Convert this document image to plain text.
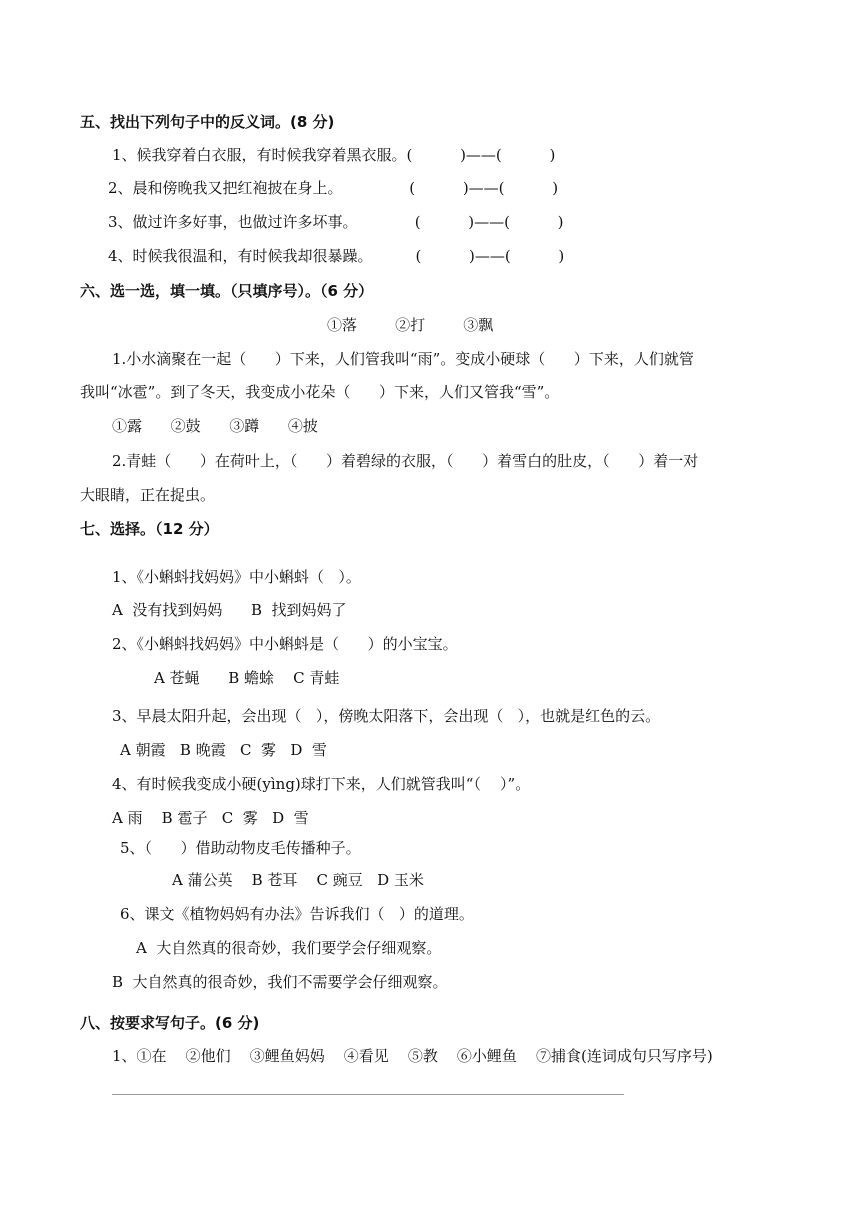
五、找出下列句子中的反义词。(8 分)
1、候我穿着白衣服，有时候我穿着黑衣服。(          )——(          )
2、晨和傍晚我又把红袍披在身上。              (          )——(          )
3、做过许多好事，也做过许多坏事。            (          )——(          )
4、时候我很温和，有时候我却很暴躁。         (          )——(          )
六、选一选，填一填。（只填序号）。（6 分）
①落        ②打        ③飘
1.小水滴聚在一起（      ）下来，人们管我叫“雨”。变成小硬球（      ）下来，人们就管
我叫“冰雹”。到了冬天，我变成小花朵（      ）下来，人们又管我“雪”。
①露      ②鼓      ③蹲      ④披
2.青蛙（      ）在荷叶上，（      ）着碧绿的衣服，（      ）着雪白的肚皮，（      ）着一对
大眼睛，正在捉虫。
七、选择。（12 分）
1、《小蝌蚪找妈妈》中小蝌蚪（   ）。
A  没有找到妈妈      B  找到妈妈了
2、《小蝌蚪找妈妈》中小蝌蚪是（      ）的小宝宝。
A 苍蝇      B 蟾蜍    C 青蛙
3、早晨太阳升起，会出现（   ），傍晚太阳落下，会出现（   ），也就是红色的云。
A 朝霞   B 晚霞   C  雾   D  雪
4、有时候我变成小硬(yìng)球打下来，人们就管我叫“（    ）”。
A 雨    B 雹子   C  雾   D  雪
5、（      ）借助动物皮毛传播种子。
A 蒲公英    B 苍耳    C 豌豆   D 玉米
6、课文《植物妈妈有办法》告诉我们（   ）的道理。
A  大自然真的很奇妙，我们要学会仔细观察。
B  大自然真的很奇妙，我们不需要学会仔细观察。
八、按要求写句子。(6 分)
1、①在    ②他们    ③鲤鱼妈妈    ④看见    ⑤教    ⑥小鲤鱼    ⑦捕食(连词成句只写序号)
